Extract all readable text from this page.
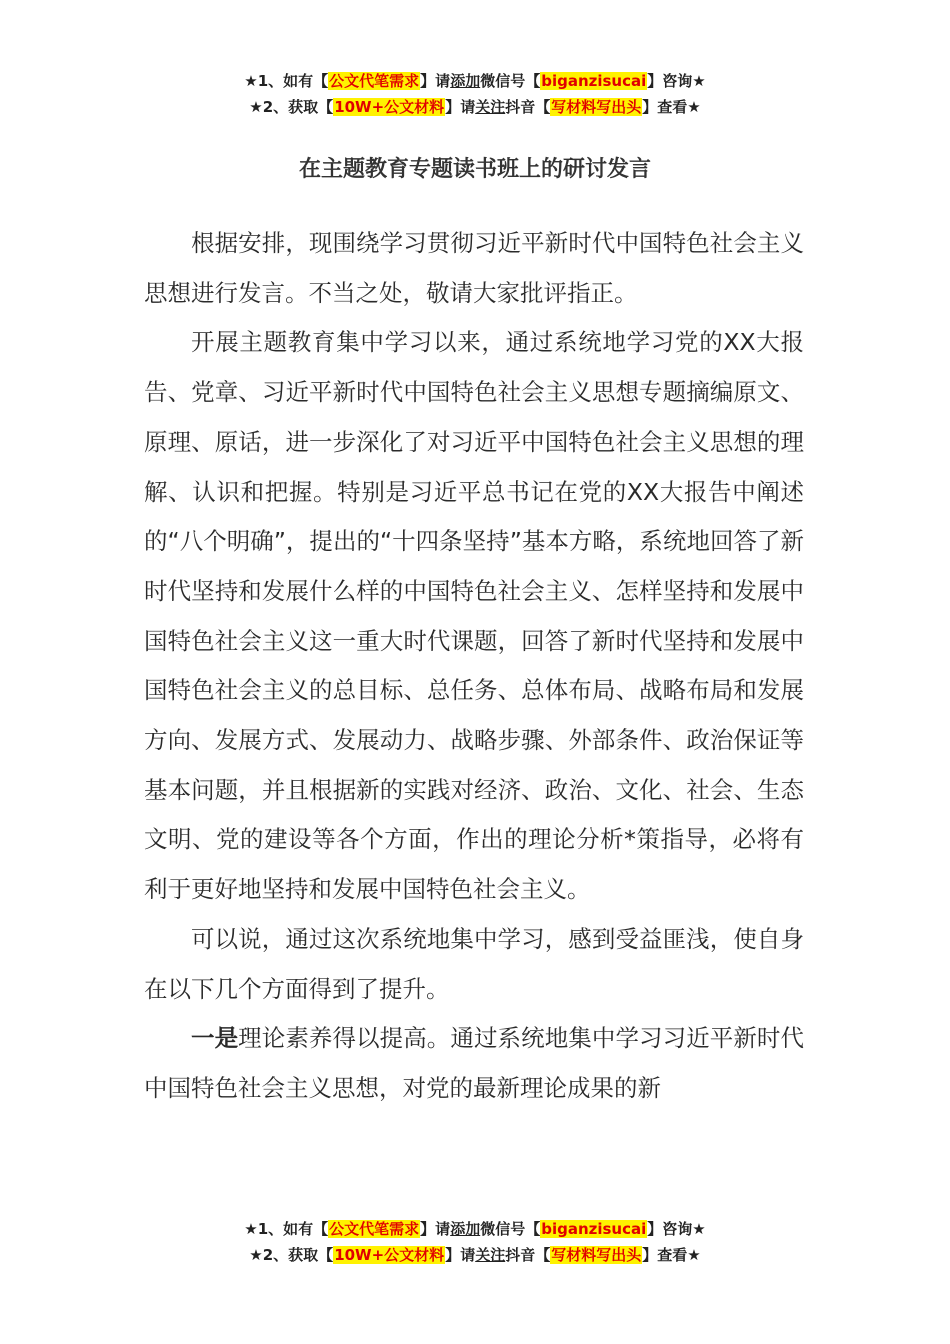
★1、如有【公文代笔需求】请添加微信号【biganzisucai】咨询★
★2、获取【10W+公文材料】请关注抖音【写材料写出头】查看★
在主题教育专题读书班上的研讨发言

根据安排，现围绕学习贯彻习近平新时代中国特色社会主义思想进行发言。不当之处，敬请大家批评指正。

开展主题教育集中学习以来，通过系统地学习党的XX大报告、党章、习近平新时代中国特色社会主义思想专题摘编原文、原理、原话，进一步深化了对习近平中国特色社会主义思想的理解、认识和把握。特别是习近平总书记在党的XX大报告中阐述的“八个明确”，提出的“十四条坚持”基本方略，系统地回答了新时代坚持和发展什么样的中国特色社会主义、怎样坚持和发展中国特色社会主义这一重大时代课题，回答了新时代坚持和发展中国特色社会主义的总目标、总任务、总体布局、战略布局和发展方向、发展方式、发展动力、战略步骤、外部条件、政治保证等基本问题，并且根据新的实践对经济、政治、文化、社会、生态文明、党的建设等各个方面，作出的理论分析*策指导，必将有利于更好地坚持和发展中国特色社会主义。

可以说，通过这次系统地集中学习，感到受益匪浅，使自身在以下几个方面得到了提升。

一是理论素养得以提高。通过系统地集中学习习近平新时代中国特色社会主义思想，对党的最新理论成果的新

★1、如有【公文代笔需求】请添加微信号【biganzisucai】咨询★
★2、获取【10W+公文材料】请关注抖音【写材料写出头】查看★
